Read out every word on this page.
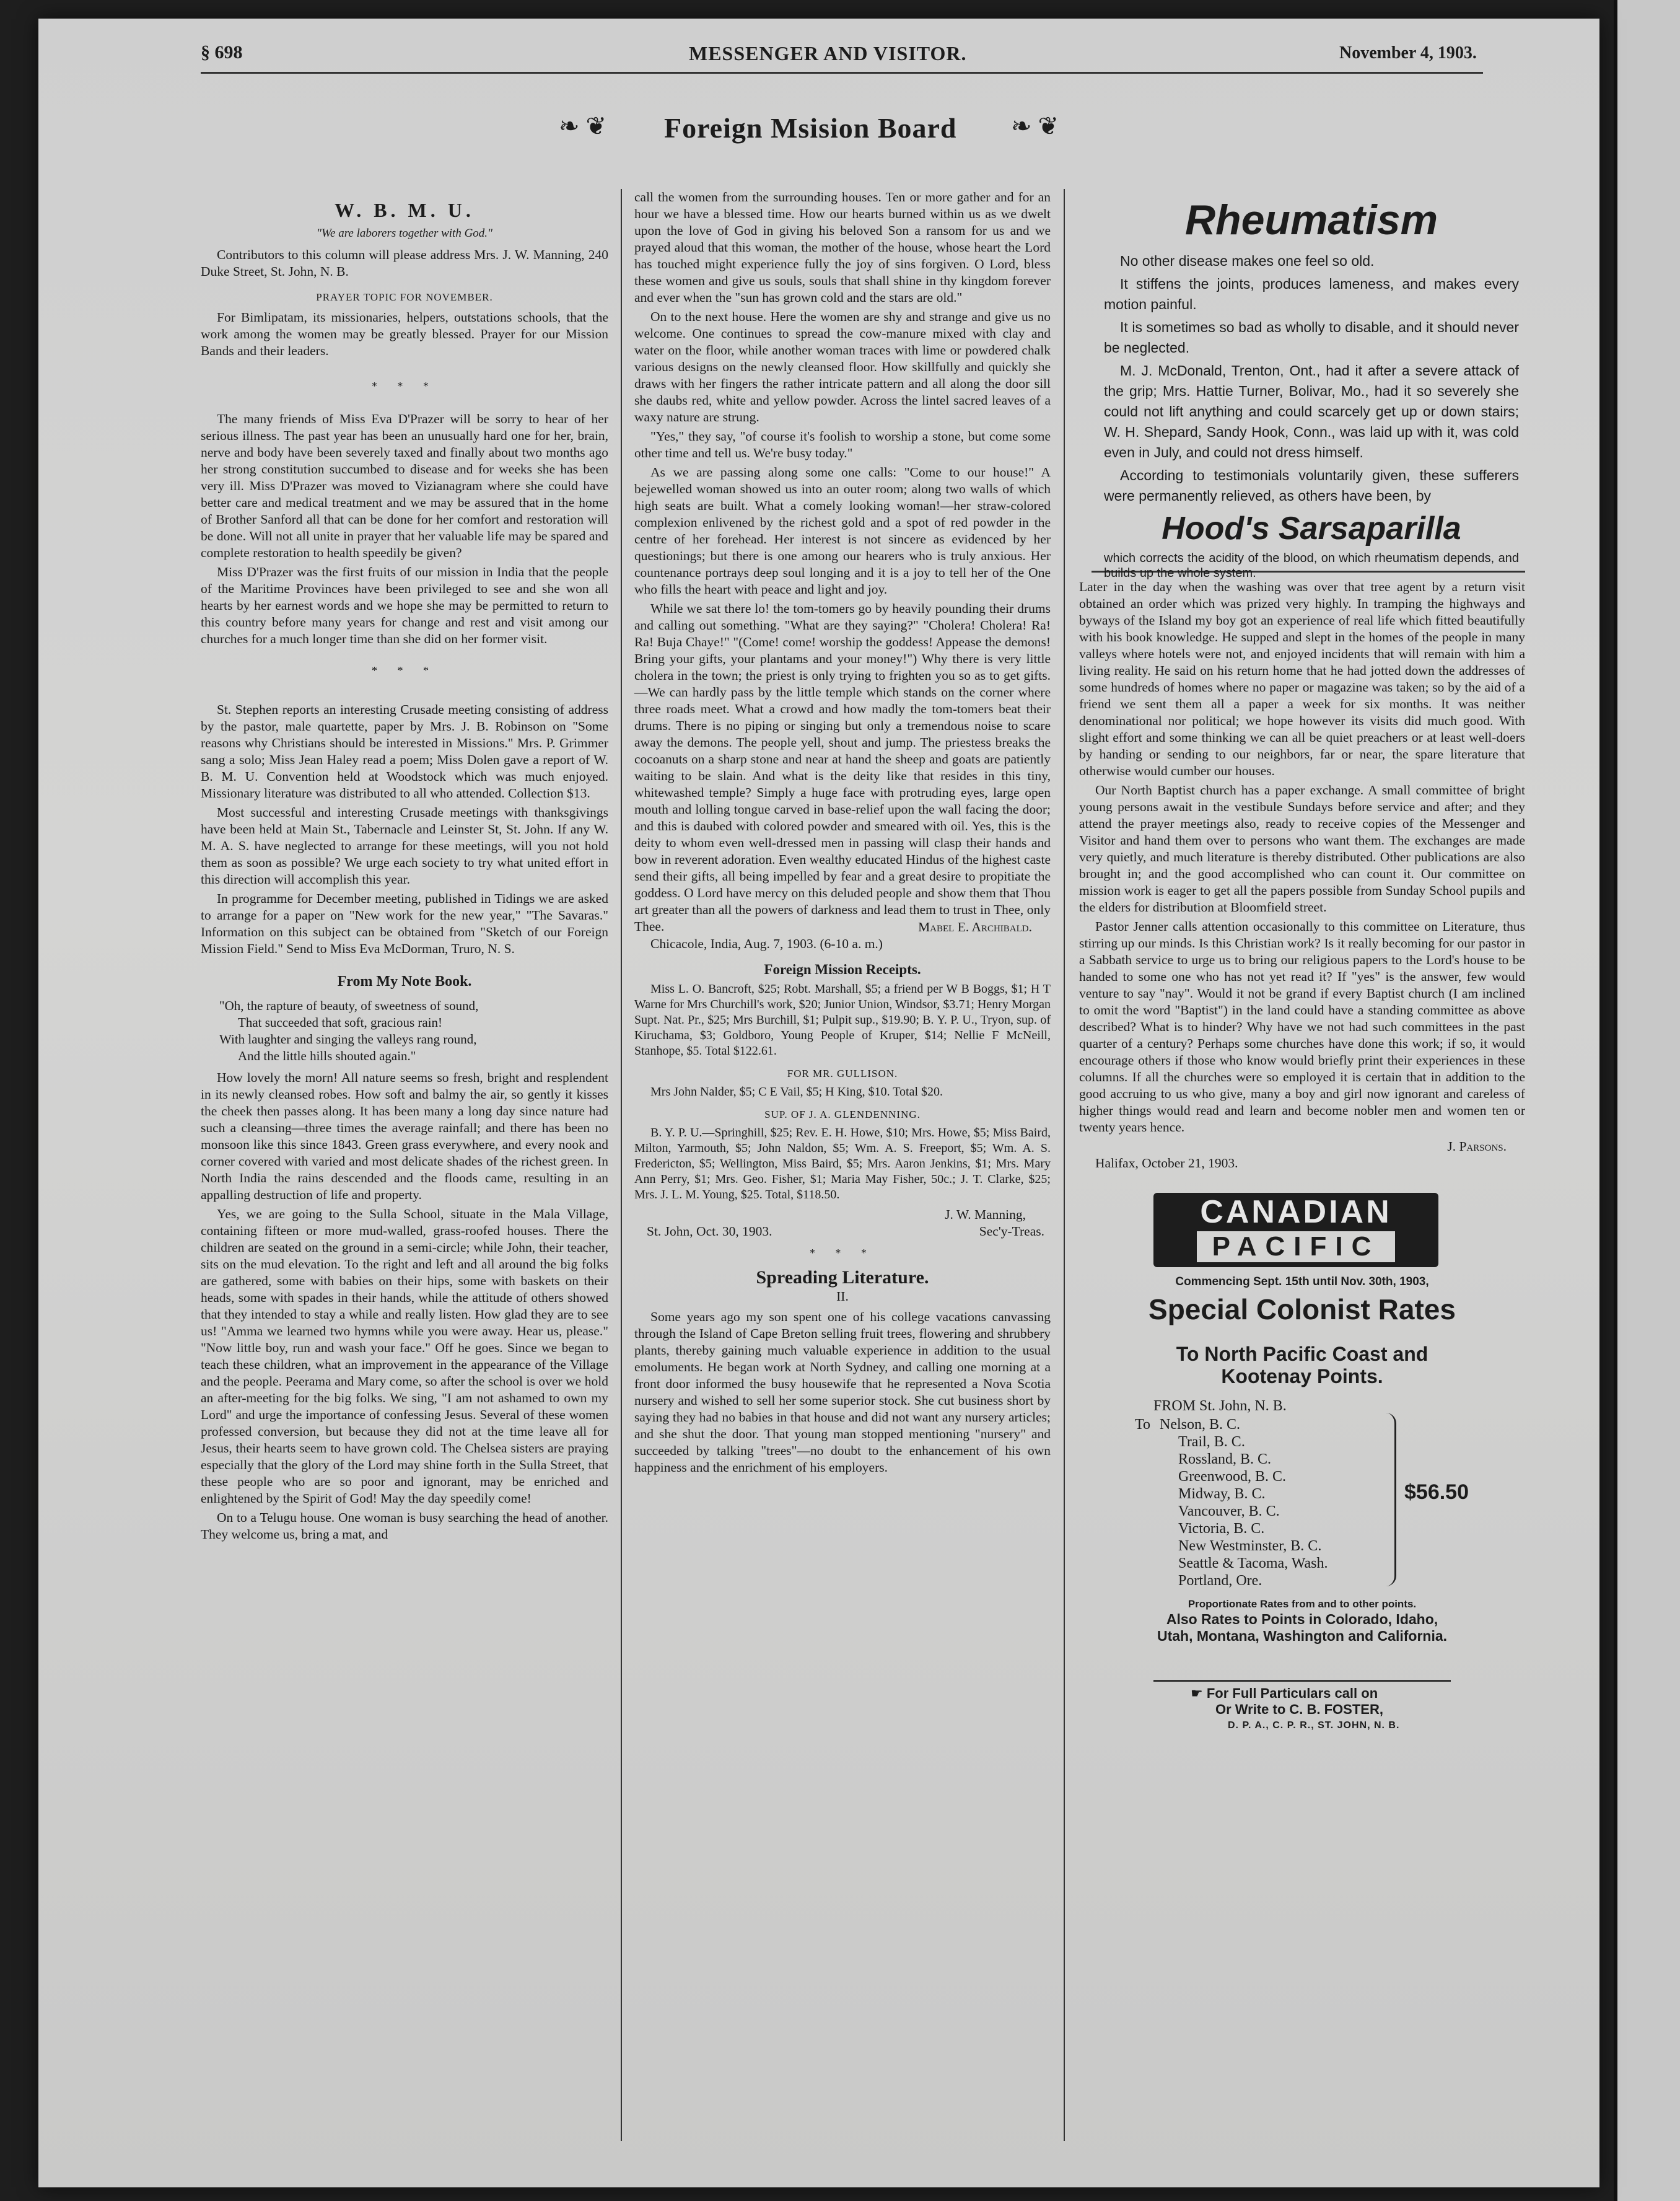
§ 698	MESSENGER AND VISITOR.	November 4, 1903.
❧ ❦ Foreign Msision Board ❧ ❦
W. B. M. U.
"We are laborers together with God."

Contributors to this column will please address Mrs. J. W. Manning, 240 Duke Street, St. John, N. B.

PRAYER TOPIC FOR NOVEMBER.

For Bimlipatam, its missionaries, helpers, outstations schools, that the work among the women may be greatly blessed. Prayer for our Mission Bands and their leaders.

* * *

The many friends of Miss Eva D'Prazer will be sorry to hear of her serious illness. The past year has been an unusually hard one for her, brain, nerve and body have been severely taxed and finally about two months ago her strong constitution succumbed to disease and for weeks she has been very ill. Miss D'Prazer was moved to Vizianagram where she could have better care and medical treatment and we may be assured that in the home of Brother Sanford all that can be done for her comfort and restoration will be done. Will not all unite in prayer that her valuable life may be spared and complete restoration to health speedily be given?

Miss D'Prazer was the first fruits of our mission in India that the people of the Maritime Provinces have been privileged to see and she won all hearts by her earnest words and we hope she may be permitted to return to this country before many years for change and rest and visit among our churches for a much longer time than she did on her former visit.

* * *

St. Stephen reports an interesting Crusade meeting consisting of address by the pastor, male quartette, paper by Mrs. J. B. Robinson on "Some reasons why Christians should be interested in Missions." Mrs. P. Grimmer sang a solo; Miss Jean Haley read a poem; Miss Dolen gave a report of W. B. M. U. Convention held at Woodstock which was much enjoyed. Missionary literature was distributed to all who attended. Collection $13.

Most successful and interesting Crusade meetings with thanksgivings have been held at Main St., Tabernacle and Leinster St, St. John. If any W. M. A. S. have neglected to arrange for these meetings, will you not hold them as soon as possible? We urge each society to try what united effort in this direction will accomplish this year.

In programme for December meeting, published in Tidings we are asked to arrange for a paper on "New work for the new year," "The Savaras." Information on this subject can be obtained from "Sketch of our Foreign Mission Field." Send to Miss Eva McDorman, Truro, N. S.

From My Note Book.
"Oh, the rapture of beauty, of sweetness of sound,
That succeeded that soft, gracious rain!
With laughter and singing the valleys rang round,
And the little hills shouted again."

How lovely the morn! All nature seems so fresh, bright and resplendent in its newly cleansed robes. How soft and balmy the air, so gently it kisses the cheek then passes along. It has been many a long day since nature had such a cleansing—three times the average rainfall; and there has been no monsoon like this since 1843. Green grass everywhere, and every nook and corner covered with varied and most delicate shades of the richest green. In North India the rains descended and the floods came, resulting in an appalling destruction of life and property.

Yes, we are going to the Sulla School, situate in the Mala Village, containing fifteen or more mud-walled, grass-roofed houses. There the children are seated on the ground in a semi-circle; while John, their teacher, sits on the mud elevation. To the right and left and all around the big folks are gathered, some with babies on their hips, some with baskets on their heads, some with spades in their hands, while the attitude of others showed that they intended to stay a while and really listen. How glad they are to see us! "Amma we learned two hymns while you were away. Hear us, please." "Now little boy, run and wash your face." Off he goes. Since we began to teach these children, what an improvement in the appearance of the Village and the people. Peerama and Mary come, so after the school is over we hold an after-meeting for the big folks. We sing, "I am not ashamed to own my Lord" and urge the importance of confessing Jesus. Several of these women professed conversion, but because they did not at the time leave all for Jesus, their hearts seem to have grown cold. The Chelsea sisters are praying especially that the glory of the Lord may shine forth in the Sulla Street, that these people who are so poor and ignorant, may be enriched and enlightened by the Spirit of God! May the day speedily come!

On to a Telugu house. One woman is busy searching the head of another. They welcome us, bring a mat, and

call the women from the surrounding houses. Ten or more gather and for an hour we have a blessed time. How our hearts burned within us as we dwelt upon the love of God in giving his beloved Son a ransom for us and we prayed aloud that this woman, the mother of the house, whose heart the Lord has touched might experience fully the joy of sins forgiven. O Lord, bless these women and give us souls, souls that shall shine in thy kingdom forever and ever when the "sun has grown cold and the stars are old."

On to the next house. Here the women are shy and strange and give us no welcome. One continues to spread the cow-manure mixed with clay and water on the floor, while another woman traces with lime or powdered chalk various designs on the newly cleansed floor. How skillfully and quickly she draws with her fingers the rather intricate pattern and all along the door sill she daubs red, white and yellow powder. Across the lintel sacred leaves of a waxy nature are strung.

"Yes," they say, "of course it's foolish to worship a stone, but come some other time and tell us. We're busy today."

As we are passing along some one calls: "Come to our house!" A bejewelled woman showed us into an outer room; along two walls of which high seats are built. What a comely looking woman!—her straw-colored complexion enlivened by the richest gold and a spot of red powder in the centre of her forehead. Her interest is not sincere as evidenced by her questionings; but there is one among our hearers who is truly anxious. Her countenance portrays deep soul longing and it is a joy to tell her of the One who fills the heart with peace and light and joy.

While we sat there lo! the tom-tomers go by heavily pounding their drums and calling out something. "What are they saying?" "Cholera! Cholera! Ra! Ra! Buja Chaye!" "(Come! come! worship the goddess! Appease the demons! Bring your gifts, your plantams and your money!") Why there is very little cholera in the town; the priest is only trying to frighten you so as to get gifts.—We can hardly pass by the little temple which stands on the corner where three roads meet. What a crowd and how madly the tom-tomers beat their drums. There is no piping or singing but only a tremendous noise to scare away the demons. The people yell, shout and jump. The priestess breaks the cocoanuts on a sharp stone and near at hand the sheep and goats are patiently waiting to be slain. And what is the deity like that resides in this tiny, whitewashed temple? Simply a huge face with protruding eyes, large open mouth and lolling tongue carved in base-relief upon the wall facing the door; and this is daubed with colored powder and smeared with oil. Yes, this is the deity to whom even well-dressed men in passing will clasp their hands and bow in reverent adoration. Even wealthy educated Hindus of the highest caste send their gifts, all being impelled by fear and a great desire to propitiate the goddess. O Lord have mercy on this deluded people and show them that Thou art greater than all the powers of darkness and lead them to trust in Thee, only Thee.	Mabel E. Archibald.

Chicacole, India, Aug. 7, 1903. (6-10 a. m.)

Foreign Mission Receipts.

Miss L. O. Bancroft, $25; Robt. Marshall, $5; a friend per W B Boggs, $1; H T Warne for Mrs Churchill's work, $20; Junior Union, Windsor, $3.71; Henry Morgan Supt. Nat. Pr., $25; Mrs Burchill, $1; Pulpit sup., $19.90; B. Y. P. U., Tryon, sup. of Kiruchama, $3; Goldboro, Young People of Kruper, $14; Nellie F McNeill, Stanhope, $5. Total $122.61.

FOR MR. GULLISON.

Mrs John Nalder, $5; C E Vail, $5; H King, $10. Total $20.

SUP. OF J. A. GLENDENNING.

B. Y. P. U.—Springhill, $25; Rev. E. H. Howe, $10; Mrs. Howe, $5; Miss Baird, Milton, Yarmouth, $5; John Naldon, $5; Wm. A. S. Freeport, $5; Wm. A. S. Fredericton, $5; Wellington, Miss Baird, $5; Mrs. Aaron Jenkins, $1; Mrs. Mary Ann Perry, $1; Mrs. Geo. Fisher, $1; Maria May Fisher, 50c.; J. T. Clarke, $25; Mrs. J. L. M. Young, $25. Total, $118.50.

J. W. Manning,
St. John, Oct. 30, 1903.	Sec'y-Treas.
* * *
Spreading Literature.
II.

Some years ago my son spent one of his college vacations canvassing through the Island of Cape Breton selling fruit trees, flowering and shrubbery plants, thereby gaining much valuable experience in addition to the usual emoluments. He began work at North Sydney, and calling one morning at a front door informed the busy housewife that he represented a Nova Scotia nursery and wished to sell her some superior stock. She cut business short by saying they had no babies in that house and did not want any nursery articles; and she shut the door. That young man stopped mentioning "nursery" and succeeded by talking "trees"—no doubt to the enhancement of his own happiness and the enrichment of his employers.

Rheumatism

No other disease makes one feel so old.

It stiffens the joints, produces lameness, and makes every motion painful.

It is sometimes so bad as wholly to disable, and it should never be neglected.

M. J. McDonald, Trenton, Ont., had it after a severe attack of the grip; Mrs. Hattie Turner, Bolivar, Mo., had it so severely she could not lift anything and could scarcely get up or down stairs; W. H. Shepard, Sandy Hook, Conn., was laid up with it, was cold even in July, and could not dress himself.

According to testimonials voluntarily given, these sufferers were permanently relieved, as others have been, by

Hood's Sarsaparilla
which corrects the acidity of the blood, on which rheumatism depends, and builds up the whole system.

Later in the day when the washing was over that tree agent by a return visit obtained an order which was prized very highly. In tramping the highways and byways of the Island my boy got an experience of real life which fitted beautifully with his book knowledge. He supped and slept in the homes of the people in many valleys where hotels were not, and enjoyed incidents that will remain with him a living reality. He said on his return home that he had jotted down the addresses of some hundreds of homes where no paper or magazine was taken; so by the aid of a friend we sent them all a paper a week for six months. It was neither denominational nor political; we hope however its visits did much good. With slight effort and some thinking we can all be quiet preachers or at least well-doers by handing or sending to our neighbors, far or near, the spare literature that otherwise would cumber our houses.

Our North Baptist church has a paper exchange. A small committee of bright young persons await in the vestibule Sundays before service and after; and they attend the prayer meetings also, ready to receive copies of the Messenger and Visitor and hand them over to persons who want them. The exchanges are made very quietly, and much literature is thereby distributed. Other publications are also brought in; and the good accomplished who can count it. Our committee on mission work is eager to get all the papers possible from Sunday School pupils and the elders for distribution at Bloomfield street.

Pastor Jenner calls attention occasionally to this committee on Literature, thus stirring up our minds. Is this Christian work? Is it really becoming for our pastor in a Sabbath service to urge us to bring our religious papers to the Lord's house to be handed to some one who has not yet read it? If "yes" is the answer, few would venture to say "nay". Would it not be grand if every Baptist church (I am inclined to omit the word "Baptist") in the land could have a standing committee as above described? What is to hinder? Why have we not had such committees in the past quarter of a century? Perhaps some churches have done this work; if so, it would encourage others if those who know would briefly print their experiences in these columns. If all the churches were so employed it is certain that in addition to the good accruing to us who give, many a boy and girl now ignorant and careless of higher things would read and learn and become nobler men and women ten or twenty years hence.

J. Parsons.

Halifax, October 21, 1903.

CANADIAN
PACIFIC
Commencing Sept. 15th until Nov. 30th, 1903,
Special Colonist Rates
To North Pacific Coast and
Kootenay Points.
FROM St. John, N. B.
To Nelson, B. C.
Trail, B. C.
Rossland, B. C.
Greenwood, B. C.
Midway, B. C.
Vancouver, B. C.
Victoria, B. C.
New Westminster, B. C.
Seattle & Tacoma, Wash.
Portland, Ore.
$56.50
Proportionate Rates from and to other points.
Also Rates to Points in Colorado, Idaho, Utah, Montana, Washington and California.
☛ For Full Particulars call on
Or Write to C. B. FOSTER,
D. P. A., C. P. R., ST. JOHN, N. B.
